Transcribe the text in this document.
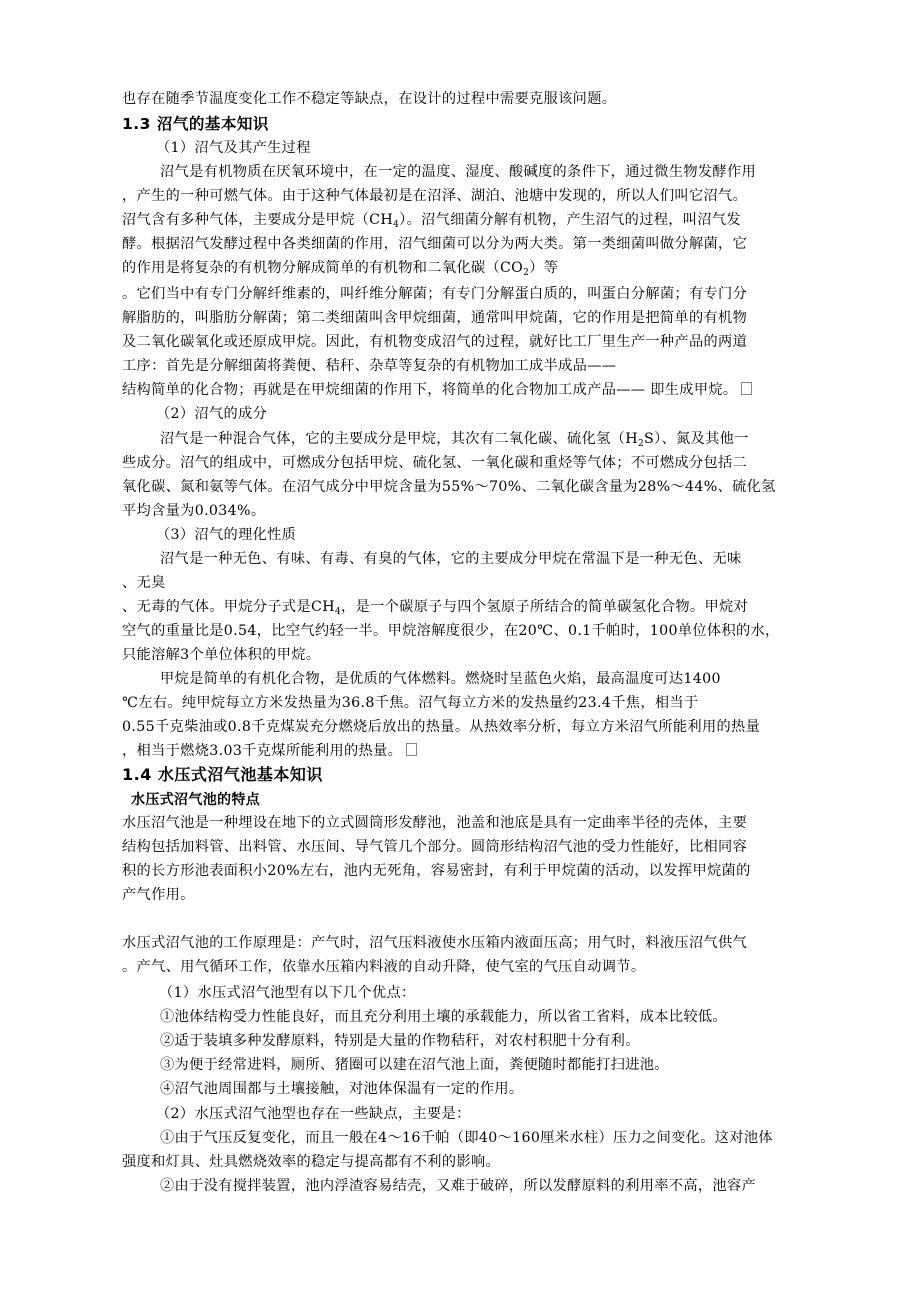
也存在随季节温度变化工作不稳定等缺点，在设计的过程中需要克服该问题。
1.3 沼气的基本知识
（1）沼气及其产生过程
沼气是有机物质在厌氧环境中，在一定的温度、湿度、酸碱度的条件下，通过微生物发酵作用
，产生的一种可燃气体。由于这种气体最初是在沼泽、湖泊、池塘中发现的，所以人们叫它沼气。
沼气含有多种气体，主要成分是甲烷$(CH_4)$。沼气细菌分解有机物，产生沼气的过程，叫沼气发
酵。根据沼气发酵过程中各类细菌的作用，沼气细菌可以分为两大类。第一类细菌叫做分解菌，它
的作用是将复杂的有机物分解成简单的有机物和二氧化碳$(CO_2)$等
。它们当中有专门分解纤维素的，叫纤维分解菌；有专门分解蛋白质的，叫蛋白分解菌；有专门分
解脂肪的，叫脂肪分解菌；第二类细菌叫含甲烷细菌，通常叫甲烷菌，它的作用是把简单的有机物
及二氧化碳氧化或还原成甲烷。因此，有机物变成沼气的过程，就好比工厂里生产一种产品的两道
工序：首先是分解细菌将粪便、秸秆、杂草等复杂的有机物加工成半成品——
结构简单的化合物；再就是在甲烷细菌的作用下，将简单的化合物加工成产品—— 即生成甲烷。
（2）沼气的成分
沼气是一种混合气体，它的主要成分是甲烷，其次有二氧化碳、硫化氢$(H_2S)$、氮及其他一
些成分。沼气的组成中，可燃成分包括甲烷、硫化氢、一氧化碳和重烃等气体；不可燃成分包括二
氧化碳、氮和氨等气体。在沼气成分中甲烷含量为55%～70%、二氧化碳含量为28%～44%、硫化氢
平均含量为0.034%。
（3）沼气的理化性质
沼气是一种无色、有味、有毒、有臭的气体，它的主要成分甲烷在常温下是一种无色、无味
、无臭
、无毒的气体。甲烷分子式是$CH_4$，是一个碳原子与四个氢原子所结合的简单碳氢化合物。甲烷对
空气的重量比是0.54，比空气约轻一半。甲烷溶解度很少，在20℃、0.1千帕时，100单位体积的水，
只能溶解3个单位体积的甲烷。
甲烷是简单的有机化合物，是优质的气体燃料。燃烧时呈蓝色火焰，最高温度可达1400
℃左右。纯甲烷每立方米发热量为36.8千焦。沼气每立方米的发热量约23.4千焦，相当于
0.55千克柴油或0.8千克煤炭充分燃烧后放出的热量。从热效率分析，每立方米沼气所能利用的热量
，相当于燃烧3.03千克煤所能利用的热量。
1.4 水压式沼气池基本知识
水压式沼气池的特点
水压沼气池是一种埋设在地下的立式圆筒形发酵池，池盖和池底是具有一定曲率半径的壳体，主要
结构包括加料管、出料管、水压间、导气管几个部分。圆筒形结构沼气池的受力性能好，比相同容
积的长方形池表面积小20%左右，池内无死角，容易密封，有利于甲烷菌的活动，以发挥甲烷菌的
产气作用。
水压式沼气池的工作原理是：产气时，沼气压料液使水压箱内液面压高；用气时，料液压沼气供气
。产气、用气循环工作，依靠水压箱内料液的自动升降，使气室的气压自动调节。
（1）水压式沼气池型有以下几个优点：
①池体结构受力性能良好，而且充分利用土壤的承载能力，所以省工省料，成本比较低。
②适于装填多种发酵原料，特别是大量的作物秸秆，对农村积肥十分有利。
③为便于经常进料，厕所、猪圈可以建在沼气池上面，粪便随时都能打扫进池。
④沼气池周围都与土壤接触，对池体保温有一定的作用。
（2）水压式沼气池型也存在一些缺点，主要是：
①由于气压反复变化，而且一般在4～16千帕（即40～160厘米水柱）压力之间变化。这对池体
强度和灯具、灶具燃烧效率的稳定与提高都有不利的影响。
②由于没有搅拌装置，池内浮渣容易结壳，又难于破碎，所以发酵原料的利用率不高，池容产
